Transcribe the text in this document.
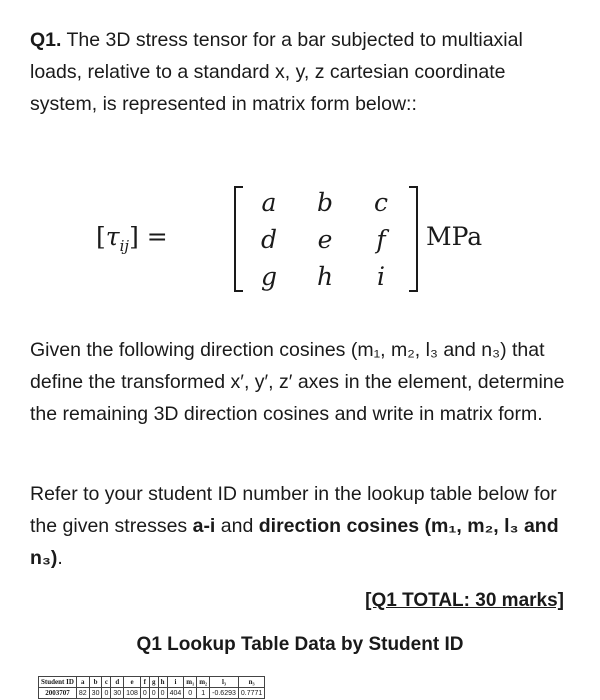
Q1. The 3D stress tensor for a bar subjected to multiaxial loads, relative to a standard x, y, z cartesian coordinate system, is represented in matrix form below::
$[\tau_{ij}]$ =
a	b	c
d	e	f
g	h	i
MPa
Given the following direction cosines (m₁, m₂, l₃ and n₃) that define the transformed x′, y′, z′ axes in the element, determine the remaining 3D direction cosines and write in matrix form.
Refer to your student ID number in the lookup table below for the given stresses a-i and direction cosines (m₁, m₂, l₃ and n₃).
[Q1 TOTAL: 30 marks]
Q1 Lookup Table Data by Student ID
Student ID	a	b	c	d	e	f	g	h	i	m₁	m₂	l₃	n₃
2003707	82	30	0	30	108	0	0	0	404	0	1	-0.6293	0.7771
